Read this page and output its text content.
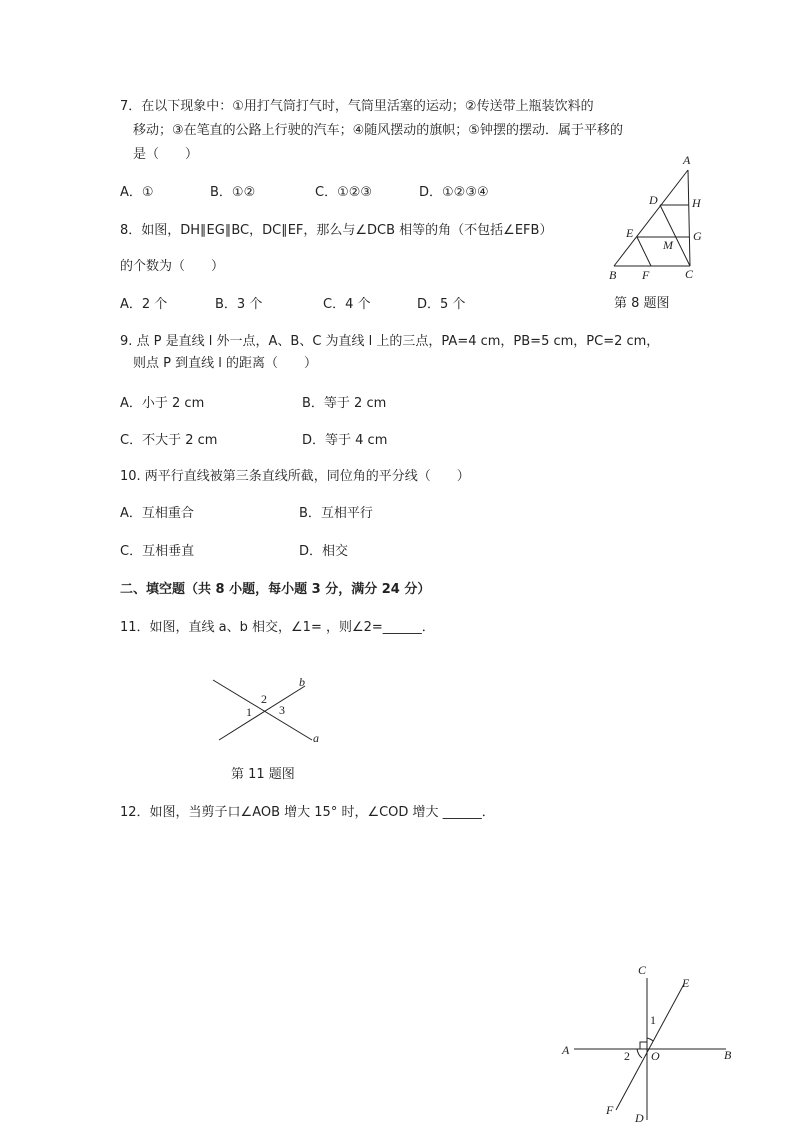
7．在以下现象中：①用打气筒打气时，气筒里活塞的运动；②传送带上瓶装饮料的
移动；③在笔直的公路上行驶的汽车；④随风摆动的旗帜；⑤钟摆的摆动．属于平移的
是（　　）
A．①	B．①②	C．①②③	D．①②③④
8．如图，DH∥EG∥BC，DC∥EF，那么与∠DCB 相等的角（不包括∠EFB）
的个数为（　　）
A．2 个	B．3 个	C．4 个	D．5 个	第 8 题图
A
D	H
E
M
G
B F	C
9. 点 P 是直线 l 外一点，A、B、C 为直线 l 上的三点，PA=4 cm，PB=5 cm，PC=2 cm，
则点 P 到直线 l 的距离（　　）
A．小于 2 cm	B．等于 2 cm
C．不大于 2 cm	D．等于 4 cm
10. 两平行直线被第三条直线所截，同位角的平分线（　　）
A．互相重合	B．互相平行
C．互相垂直	D．相交
二、填空题（共 8 小题，每小题 3 分，满分 24 分）
11．如图，直线 a、b 相交，∠1= ，则∠2=______．
b
a
2
1 3
第 11 题图
12．如图，当剪子口∠AOB 增大 15° 时，∠COD 增大 ______．
C
E
A	B
O
F
D
1
2
